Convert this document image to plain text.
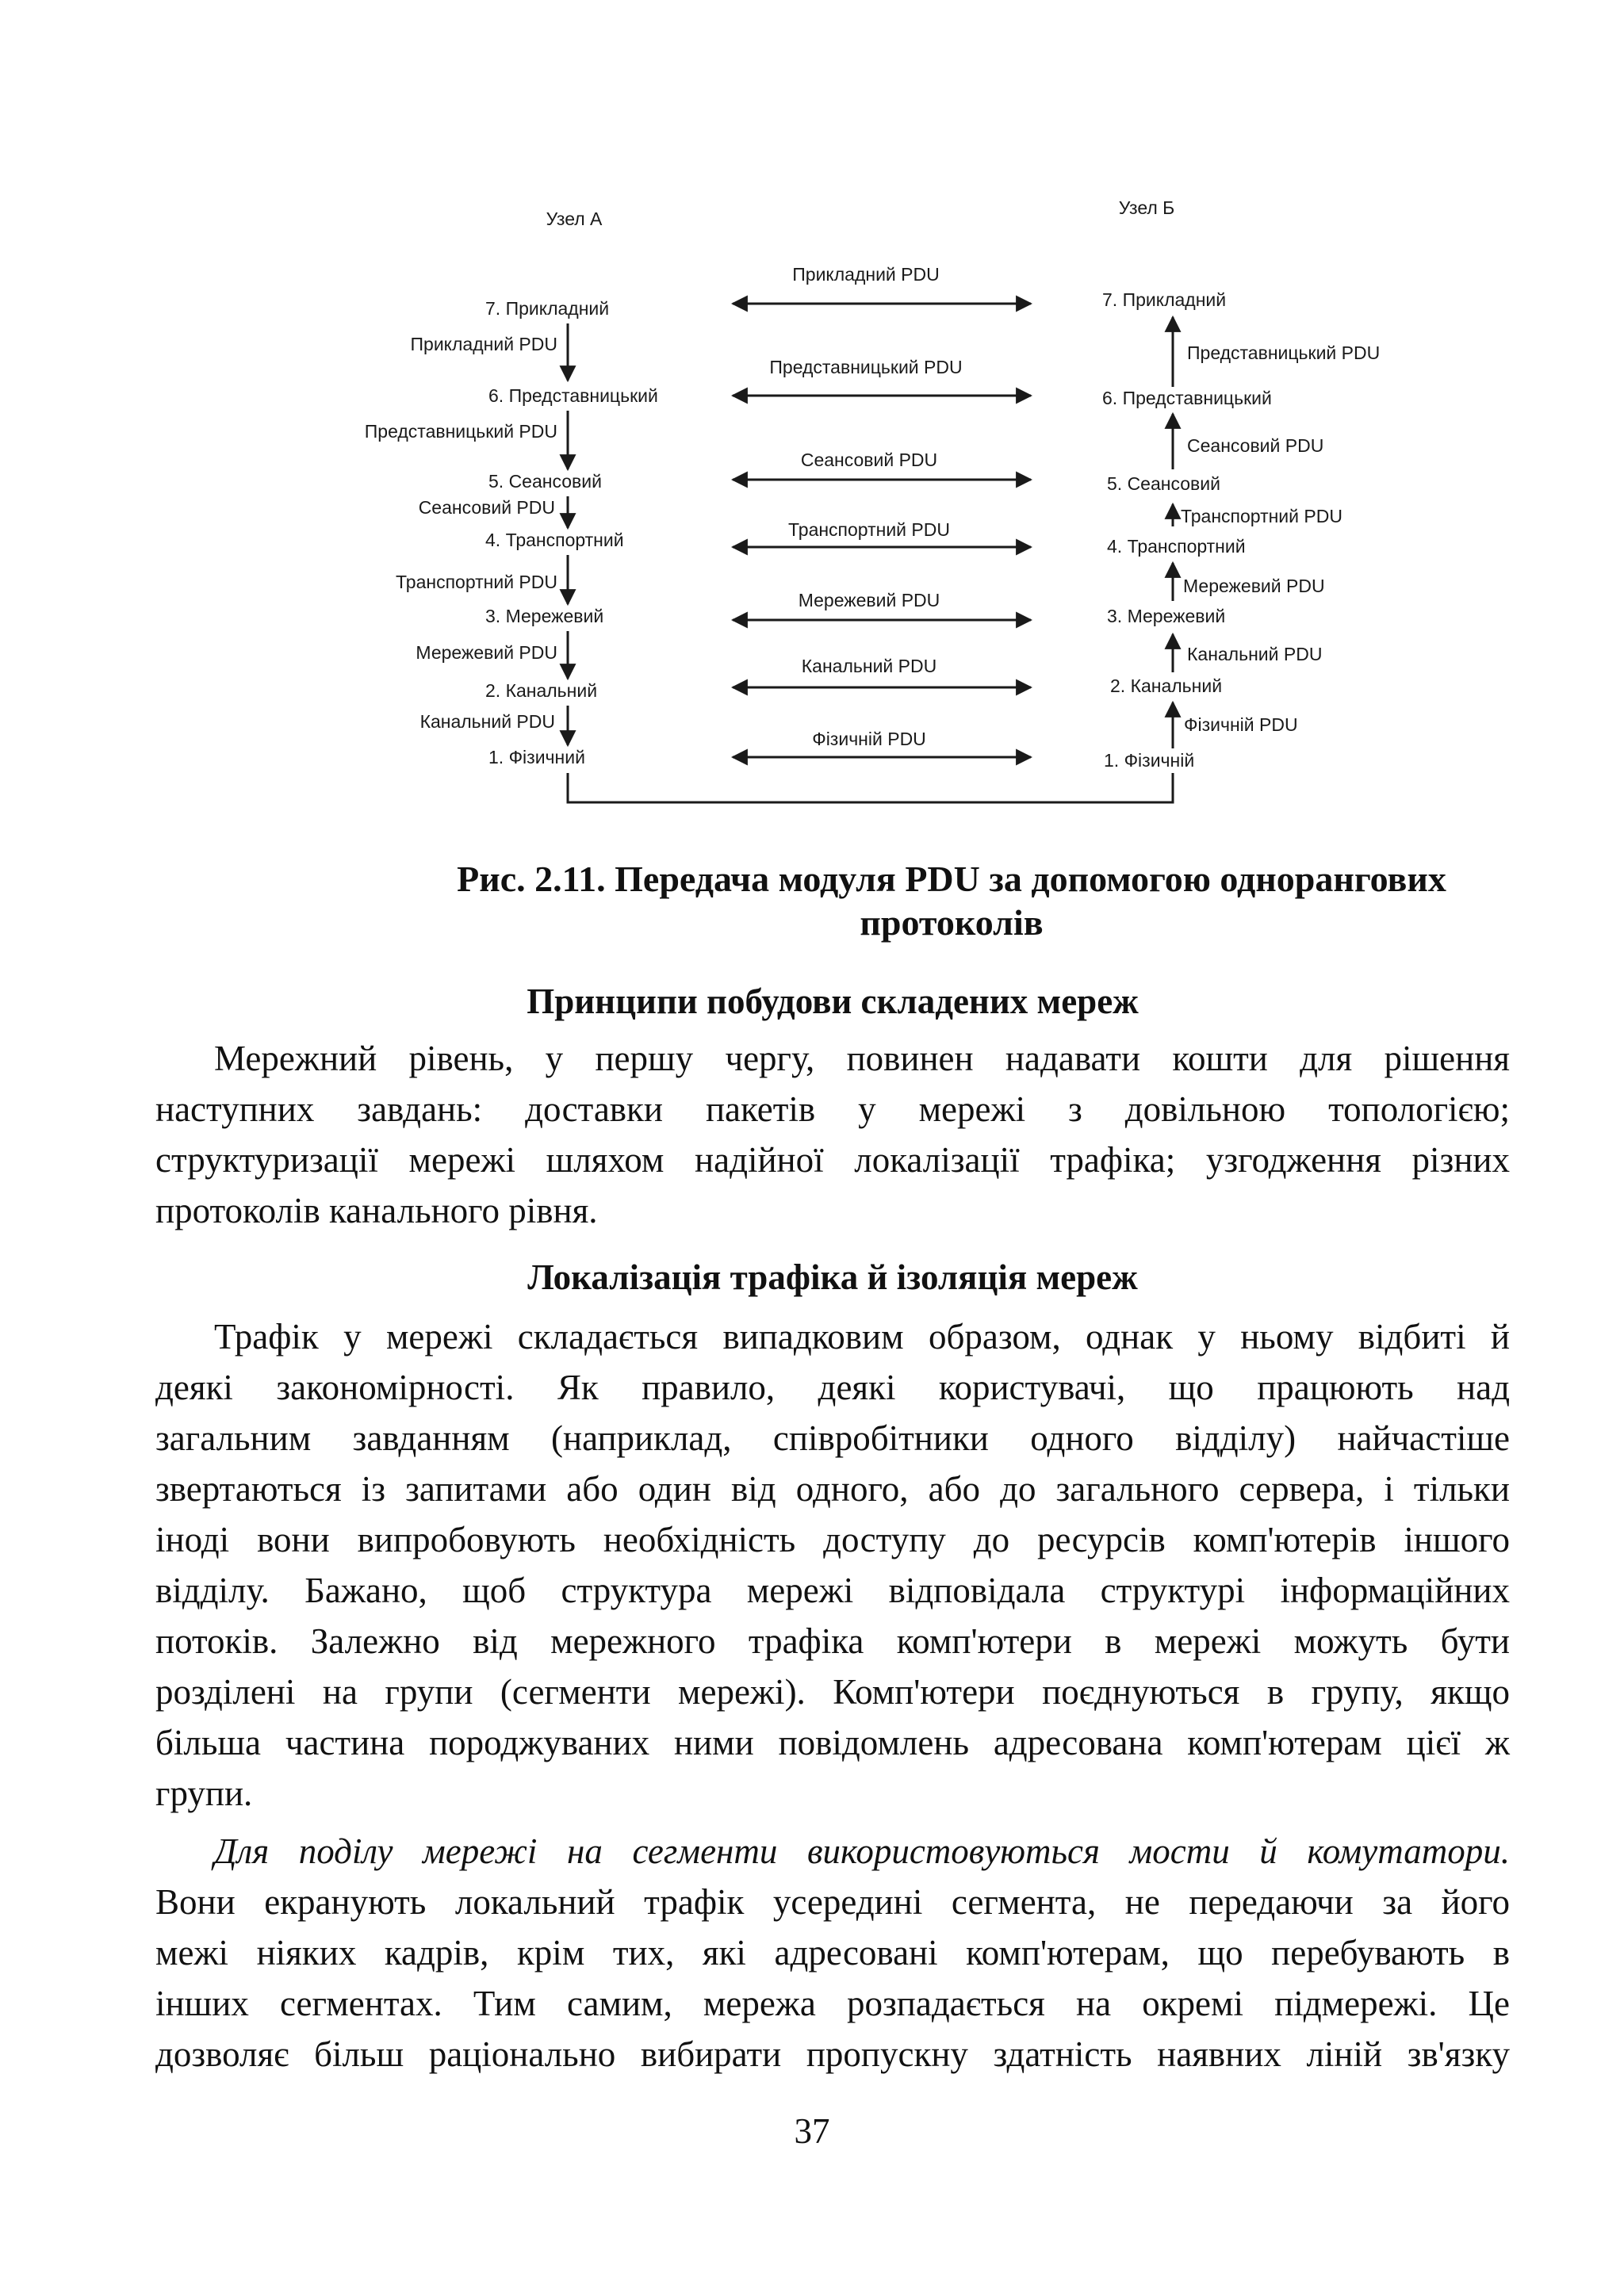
Узел А
Узел Б
7. Прикладний
6. Представницький
5. Сеансовий
4. Транспортний
3. Мережевий
2. Канальний
1. Фізичний
Прикладний PDU
Представницький PDU
Сеансовий PDU
Транспортний PDU
Мережевий PDU
Канальний PDU
Прикладний PDU
Представницький PDU
Сеансовий PDU
Транспортний PDU
Мережевий PDU
Канальний PDU
Фізичній PDU
7. Прикладний
6. Представницький
5. Сеансовий
4. Транспортний
3. Мережевий
2. Канальний
1. Фізичній
Представницький PDU
Сеансовий PDU
Транспортний PDU
Мережевий PDU
Канальний PDU
Фізичній PDU

Рис. 2.11. Передача модуля PDU за допомогою однорангових

протоколів

Принципи побудови складених мереж

Мережний рівень, у першу чергу, повинен надавати кошти для рішення

наступних завдань: доставки пакетів у мережі з довільною топологією;

структуризації мережі шляхом надійної локалізації трафіка; узгодження різних

протоколів канального рівня.

Локалізація трафіка й ізоляція мереж

Трафік у мережі складається випадковим образом, однак у ньому відбиті й

деякі закономірності. Як правило, деякі користувачі, що працюють над

загальним завданням (наприклад, співробітники одного відділу) найчастіше

звертаються із запитами або один від одного, або до загального сервера, і тільки

іноді вони випробовують необхідність доступу до ресурсів комп'ютерів іншого

відділу. Бажано, щоб структура мережі відповідала структурі інформаційних

потоків. Залежно від мережного трафіка комп'ютери в мережі можуть бути

розділені на групи (сегменти мережі). Комп'ютери поєднуються в групу, якщо

більша частина породжуваних ними повідомлень адресована комп'ютерам цієї ж

групи.

Для поділу мережі на сегменти використовуються мости й комутатори.

Вони екранують локальний трафік усередині сегмента, не передаючи за його

межі ніяких кадрів, крім тих, які адресовані комп'ютерам, що перебувають в

інших сегментах. Тим самим, мережа розпадається на окремі підмережі. Це

дозволяє більш раціонально вибирати пропускну здатність наявних ліній зв'язку

37
